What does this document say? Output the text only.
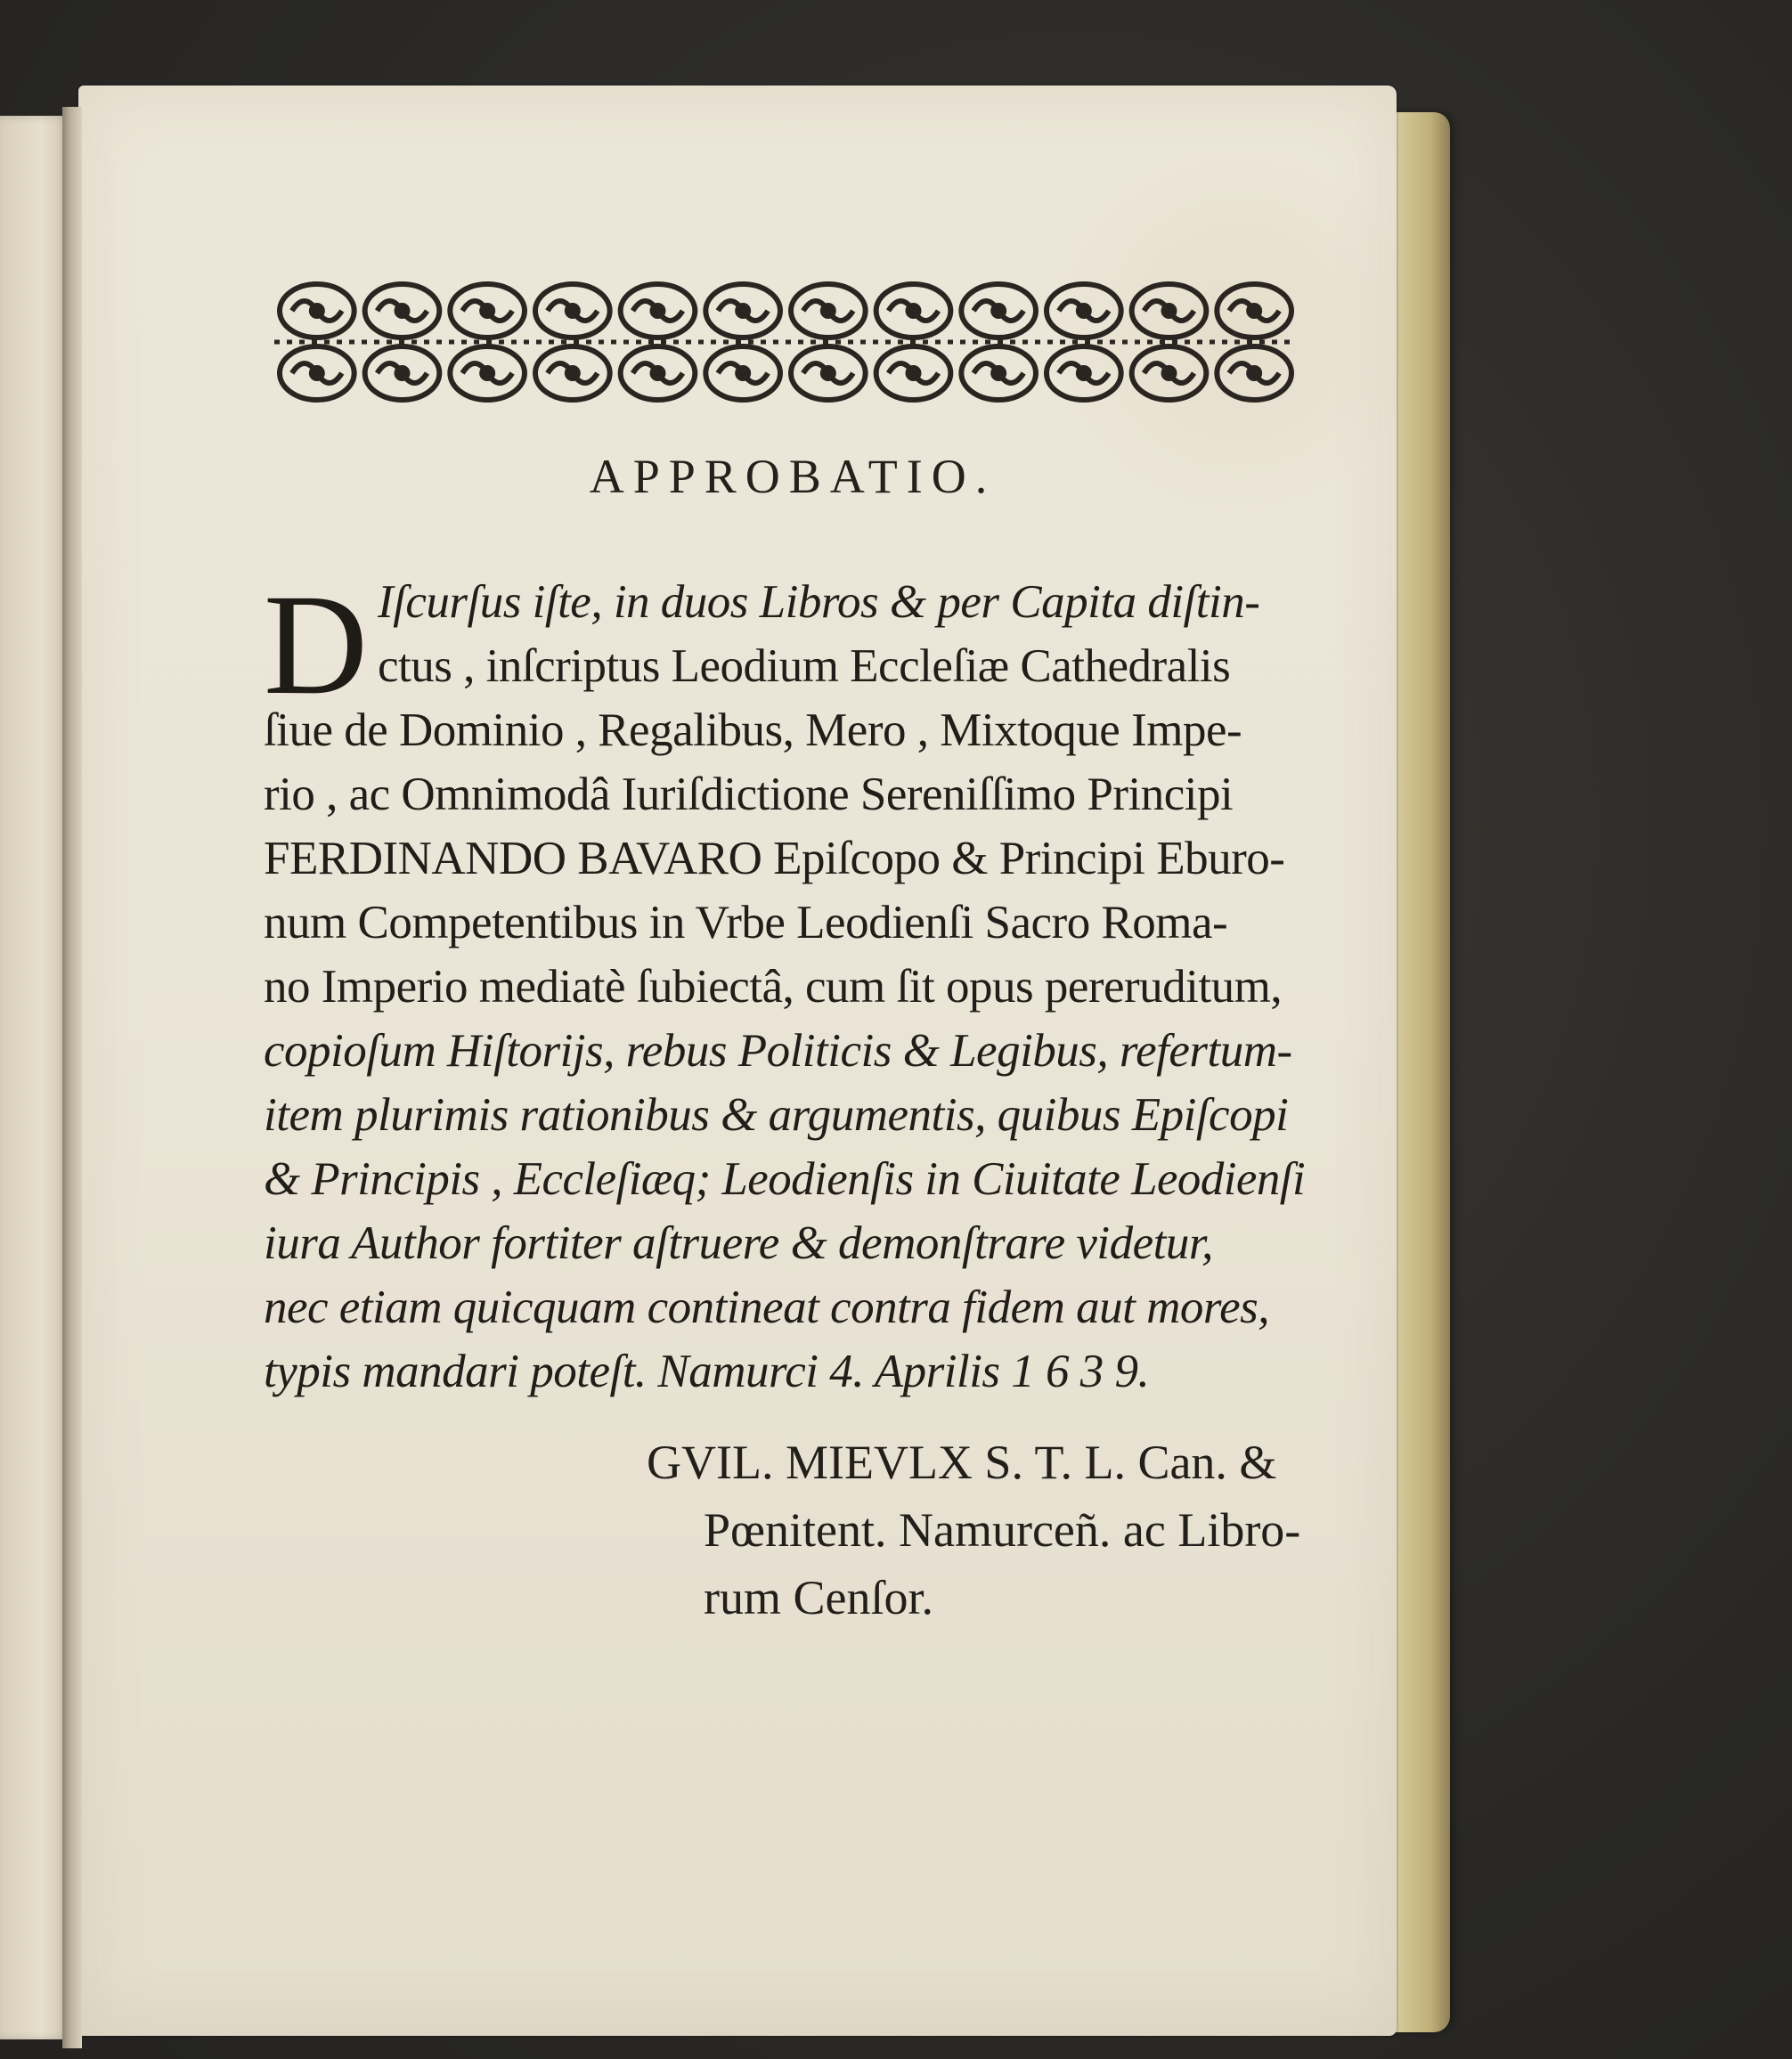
APPROBATIO.
D Iſcurſus iſte, in duos Libros & per Capita diſtin-
ctus , inſcriptus Leodium Eccleſiæ Cathedralis
ſiue de Dominio , Regalibus, Mero , Mixtoque Impe-
rio , ac Omnimodâ Iuriſdictione Sereniſſimo Principi
FERDINANDO BAVARO Epiſcopo & Principi Eburo-
num Competentibus in Vrbe Leodienſi Sacro Roma-
no Imperio mediatè ſubiectâ, cum ſit opus pereruditum,
copioſum Hiſtorijs, rebus Politicis & Legibus, refertum-
item plurimis rationibus & argumentis, quibus Epiſcopi
& Principis , Eccleſiæq; Leodienſis in Ciuitate Leodienſi
iura Author fortiter aſtruere & demonſtrare videtur,
nec etiam quicquam contineat contra fidem aut mores,
typis mandari poteſt. Namurci 4. Aprilis 1 6 3 9.
GVIL. MIEVLX S. T. L. Can. &
Pœnitent. Namurceñ. ac Libro-
rum Cenſor.
